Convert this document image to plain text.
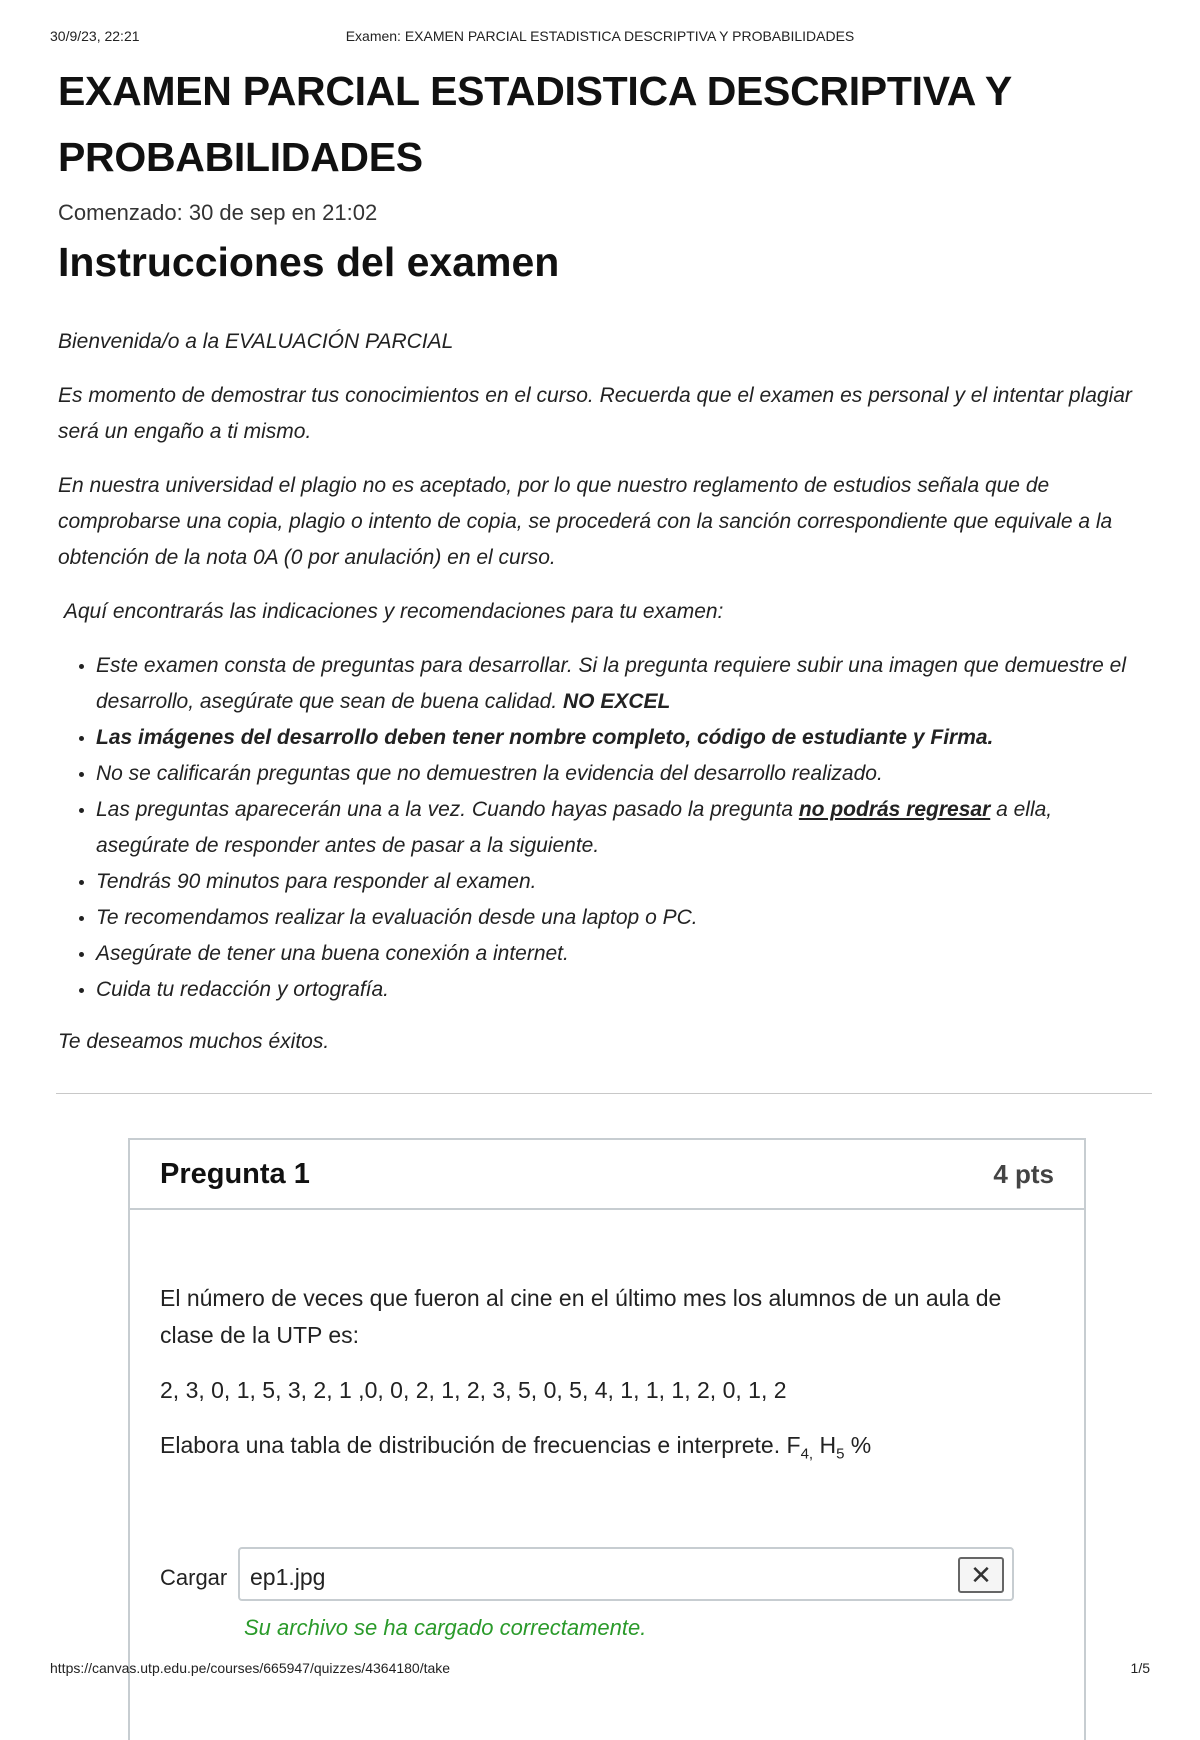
30/9/23, 22:21	Examen: EXAMEN PARCIAL ESTADISTICA DESCRIPTIVA Y PROBABILIDADES
EXAMEN PARCIAL ESTADISTICA DESCRIPTIVA Y
PROBABILIDADES
Comenzado: 30 de sep en 21:02
Instrucciones del examen

Bienvenida/o a la EVALUACIÓN PARCIAL

Es momento de demostrar tus conocimientos en el curso. Recuerda que el examen es personal y el intentar plagiar será un engaño a ti mismo.

En nuestra universidad el plagio no es aceptado, por lo que nuestro reglamento de estudios señala que de comprobarse una copia, plagio o intento de copia, se procederá con la sanción correspondiente que equivale a la obtención de la nota 0A (0 por anulación) en el curso.

Aquí encontrarás las indicaciones y recomendaciones para tu examen:

• Este examen consta de preguntas para desarrollar. Si la pregunta requiere subir una imagen que demuestre el desarrollo, asegúrate que sean de buena calidad. NO EXCEL
• Las imágenes del desarrollo deben tener nombre completo, código de estudiante y Firma.
• No se calificarán preguntas que no demuestren la evidencia del desarrollo realizado.
• Las preguntas aparecerán una a la vez. Cuando hayas pasado la pregunta no podrás regresar a ella, asegúrate de responder antes de pasar a la siguiente.
• Tendrás 90 minutos para responder al examen.
• Te recomendamos realizar la evaluación desde una laptop o PC.
• Asegúrate de tener una buena conexión a internet.
• Cuida tu redacción y ortografía.

Te deseamos muchos éxitos.

Pregunta 1	4 pts

El número de veces que fueron al cine en el último mes los alumnos de un aula de clase de la UTP es:

2, 3, 0, 1, 5, 3, 2, 1 ,0, 0, 2, 1, 2, 3, 5, 0, 5, 4, 1, 1, 1, 2, 0, 1, 2

Elabora una tabla de distribución de frecuencias e interprete. $F_{4,}$ $H_5$ %

Cargar ep1.jpg	✕
Su archivo se ha cargado correctamente.
https://canvas.utp.edu.pe/courses/665947/quizzes/4364180/take	1/5
